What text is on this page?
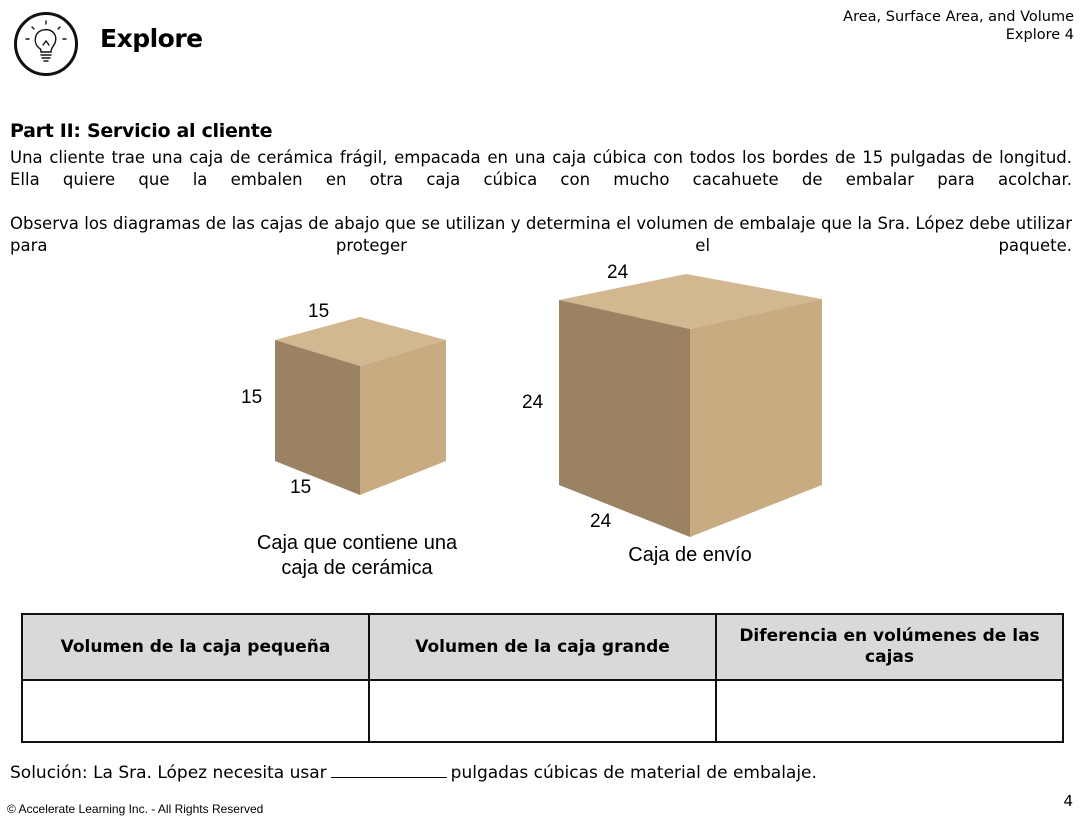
Explore
Area, Surface Area, and Volume
Explore 4
Part II: Servicio al cliente
Una cliente trae una caja de cerámica frágil, empacada en una caja cúbica con todos los bordes de 15 pulgadas de longitud. Ella quiere que la embalen en otra caja cúbica con mucho cacahuete de embalar para acolchar.
Observa los diagramas de las cajas de abajo que se utilizan y determina el volumen de embalaje que la Sra. López debe utilizar para proteger el paquete.
15
15
15
24
24
24
Caja que contiene una
caja de cerámica
Caja de envío
Volumen de la caja pequeña	Volumen de la caja grande	Diferencia en volúmenes de las cajas

Solución: La Sra. López necesita usar	pulgadas cúbicas de material de embalaje.
© Accelerate Learning Inc. - All Rights Reserved	4
